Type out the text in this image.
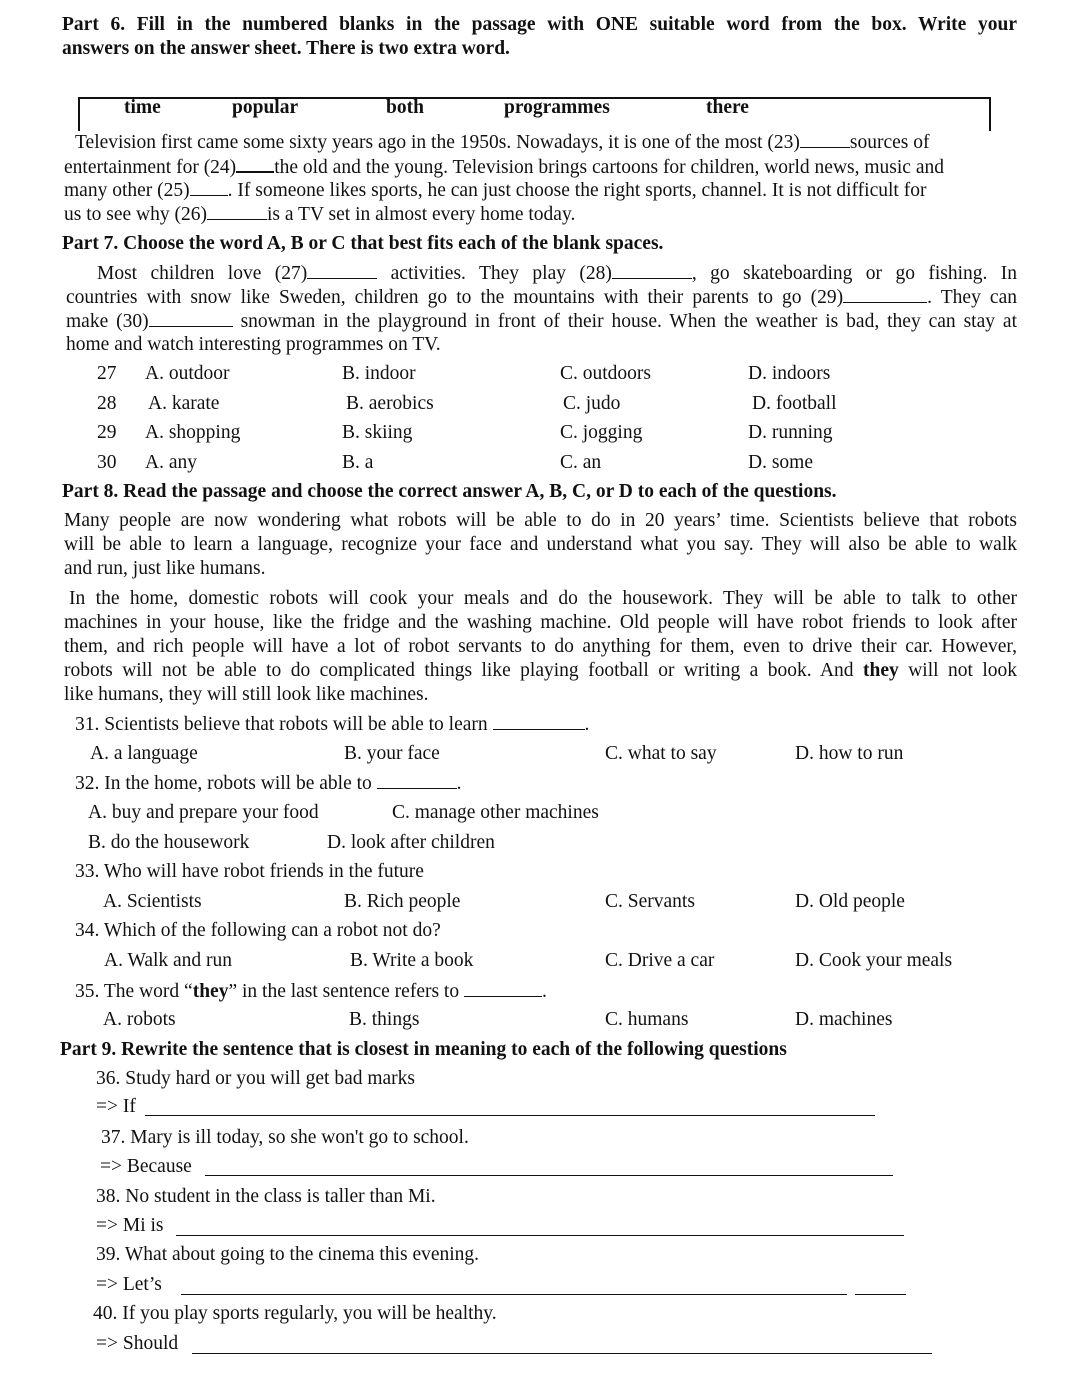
Part 6. Fill in the numbered blanks in the passage with ONE suitable word from the box. Write your
answers on the answer sheet. There is two extra word.
time	popular	both	programmes	there
Television first came some sixty years ago in the 1950s. Nowadays, it is one of the most (23)	sources of
entertainment for (24) the old and the young. Television brings cartoons for children, world news, music and
many other (25) . If someone likes sports, he can just choose the right sports, channel. It is not difficult for
us to see why (26)	is a TV set in almost every home today.
Part 7. Choose the word A, B or C that best fits each of the blank spaces.
Most children love (27)	activities. They play (28)	, go skateboarding or go fishing. In
countries with snow like Sweden, children go to the mountains with their parents to go (29)	. They can
make (30)	snowman in the playground in front of their house. When the weather is bad, they can stay at
home and watch interesting programmes on TV.
27 A. outdoor	B. indoor	C. outdoors	D. indoors
28 A. karate	B. aerobics	C. judo	D. football
29 A. shopping	B. skiing	C. jogging	D. running
30 A. any	B. a	C. an	D. some
Part 8. Read the passage and choose the correct answer A, B, C, or D to each of the questions.
Many people are now wondering what robots will be able to do in 20 years’ time. Scientists believe that robots
will be able to learn a language, recognize your face and understand what you say. They will also be able to walk
and run, just like humans.
In the home, domestic robots will cook your meals and do the housework. They will be able to talk to other
machines in your house, like the fridge and the washing machine. Old people will have robot friends to look after
them, and rich people will have a lot of robot servants to do anything for them, even to drive their car. However,
robots will not be able to do complicated things like playing football or writing a book. And they will not look
like humans, they will still look like machines.
31. Scientists believe that robots will be able to learn	.
A. a language	B. your face	C. what to say	D. how to run
32. In the home, robots will be able to	.
A. buy and prepare your food	C. manage other machines
B. do the housework	D. look after children
33. Who will have robot friends in the future
A. Scientists	B. Rich people	C. Servants	D. Old people
34. Which of the following can a robot not do?
A. Walk and run	B. Write a book	C. Drive a car	D. Cook your meals
35. The word “they” in the last sentence refers to	.
A. robots	B. things	C. humans	D. machines
Part 9. Rewrite the sentence that is closest in meaning to each of the following questions
36. Study hard or you will get bad marks
=> If
37. Mary is ill today, so she won't go to school.
=> Because
38. No student in the class is taller than Mi.
=> Mi is
39. What about going to the cinema this evening.
=> Let’s
40. If you play sports regularly, you will be healthy.
=> Should
